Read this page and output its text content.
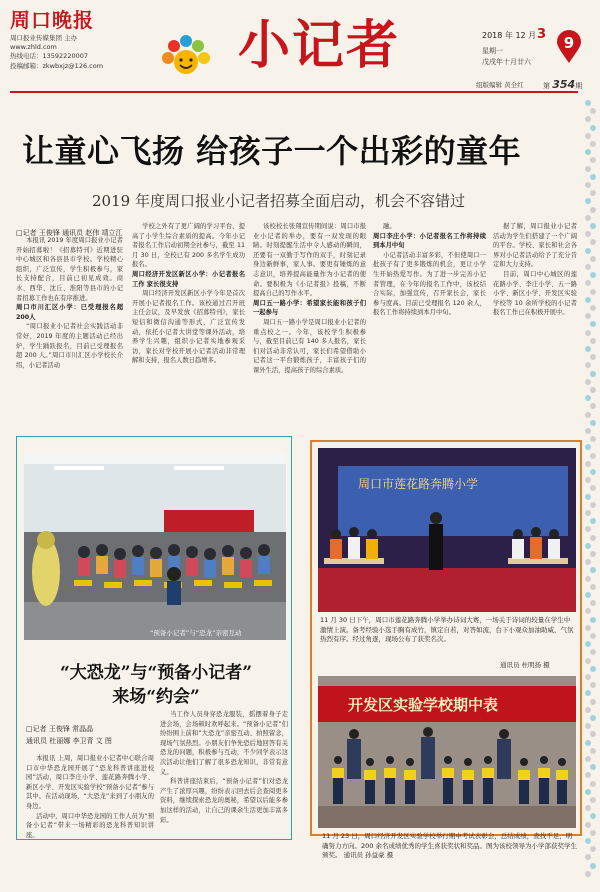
周口晚报
周口报业传媒集团 主办
www.zhld.com
热线电话：13592220007
投稿邮箱：zkwbxjz@126.com	小记者	2018 年 12 月 3
星期一
戊戌年十月廿六
9
组版编辑 黄全红	第 354期
让童心飞扬 给孩子一个出彩的童年
2019 年度周口报业小记者招募全面启动，机会不容错过
□记者 王俊锋 通讯员 赵伟 靖立江

本报讯 2019 年度周口报业小记者开始招募啦！《招募特刊》近期进驻中心城区和各县县市学校。学校精心组织，广泛宣传，学生积极参与，家长支持配合，目前已初见成效。商水、西华、沈丘、淮阳等县市的小记者招募工作也在有序推进。

周口市川汇区小学：已受理报名超 200人

“周口报业小记者社会实践活动非常好，2019 年度的主题活动已经出炉，学生踊跃报名，目前已受理报名超 200 人。”周口市川汇区小学校长介绍，小记者活动

学校之外有了更广阔的学习平台，提高了小学生综合素质的提高。今年小记者报名工作启动初期全社参与，截至 11 月 30 日，全校已有 200 多名学生成功报名。

周口经济开发区新区小学：小记者报名工作 家长很支持

周口经济开发区新区小学今年是首次开展小记者报名工作。该校通过召开班主任会议，及早发放《招募特刊》，家长短信和微信沟通等形式，广泛宣传发动，依托小记者大讲堂等课外活动，培养学生兴趣，组织小记者实地参观采访，家长对学校开展小记者活动非常理解和支持，报名人数日趋增多。

该校校长张翔宣传期间说：周口市报业小记者的举办，要有一双发现的眼睛。时刻提醒生活中令人感动的瞬间，还要有一双勤于写作的双手，时刻记录身边新鲜事，家人事。要更有锤炼的意志意识，培养提高能量作为小记者的使命。要积极为《小记者报》投稿，不断提高自己的写作水平。

周口五一路小学：希望家长能和孩子们一起参与

周口五一路小学是周口报业小记者的重点校之一。今年，该校学生积极参与，截至目前已有 140 多人报名，家长们对活动非常认可，家长们希望借助小记者这一平台锻炼孩子，丰富孩子们的课外生活，提高孩子的综合素质。

融。

周口李庄小学：小记者报名工作将持续到本月中旬

小记者活动丰富多彩，不但使周口一批孩子有了更多锻炼的机会，更让小学生开始热爱写作。为了进一步完善小记者管理，在今年的报名工作中，该校结合实际，加强宣传，召开家长会，家长参与度高。目前已受理报名 120 余人，报名工作将持续到本月中旬。

据了解，周口报业小记者活动为学生们搭建了一个广阔的平台。学校、家长和社会各界对小记者活动给予了充分肯定和大力支持。

目前，周口中心城区的莲花路小学、李庄小学、五一路小学、新区小学、开发区实验学校等 10 余所学校的小记者报名工作已在积极开展中。

“预备小记者”与“恐龙”亲密互动
“大恐龙”与“预备小记者”
来场“约会”
□记者 王俊锋 常晶晶
通讯员 杜丽娜 李卫青 文 图

本报讯 上周，周口报业小记者中心联合周口市中华恐龙园开展了“恐龙科普讲座进校园”活动，周口李庄小学、莲花路奔腾小学、新区小学、开发区实验学校“预备小记者”参与其中。在活动现场，“大恐龙”来到了小朋友的身边。

活动中，周口中华恐龙园的工作人员为“预备小记者”带来一场精彩的恐龙科普知识讲座。

当工作人员身穿恐龙服装，摇摆着身子走进会场，会场顿时欢呼起来。“预备小记者”们纷纷围上前和“大恐龙”亲密互动、拍照留念，现场气氛热烈。小朋友们争先恐后地回答有关恐龙的问题，积极参与互动，不少同学表示这次活动让他们了解了很多恐龙知识，非常有意义。

科普讲座结束后，“预备小记者”们对恐龙产生了浓厚兴趣，纷纷表示回去后会查阅更多资料，继续探索恐龙的奥秘，希望以后能多参加这样的活动，让自己的课余生活更加丰富多彩。

周口市莲花路奔腾小学
11 月 30 日下午，周口市莲花路奔腾小学举办诗词大赛，一场关于诗词的较量在学生中激情上演。备考经验小选手胸有成竹，镇定自若，对答如流，台下小观众加油助威，气氛热烈有序。经过角逐，现场公布了获奖名次。
通讯员 杜明扬 摄
开发区实验学校期中表
11 月 23 日，周口经济开发区实验学校举行期中考试表彰会，总结成绩，查找不足，明确努力方向。200 余名成绩优秀的学生喜获奖状和奖品。图为该校领导为小学部获奖学生颁奖。 通讯员 孙益豪 摄
